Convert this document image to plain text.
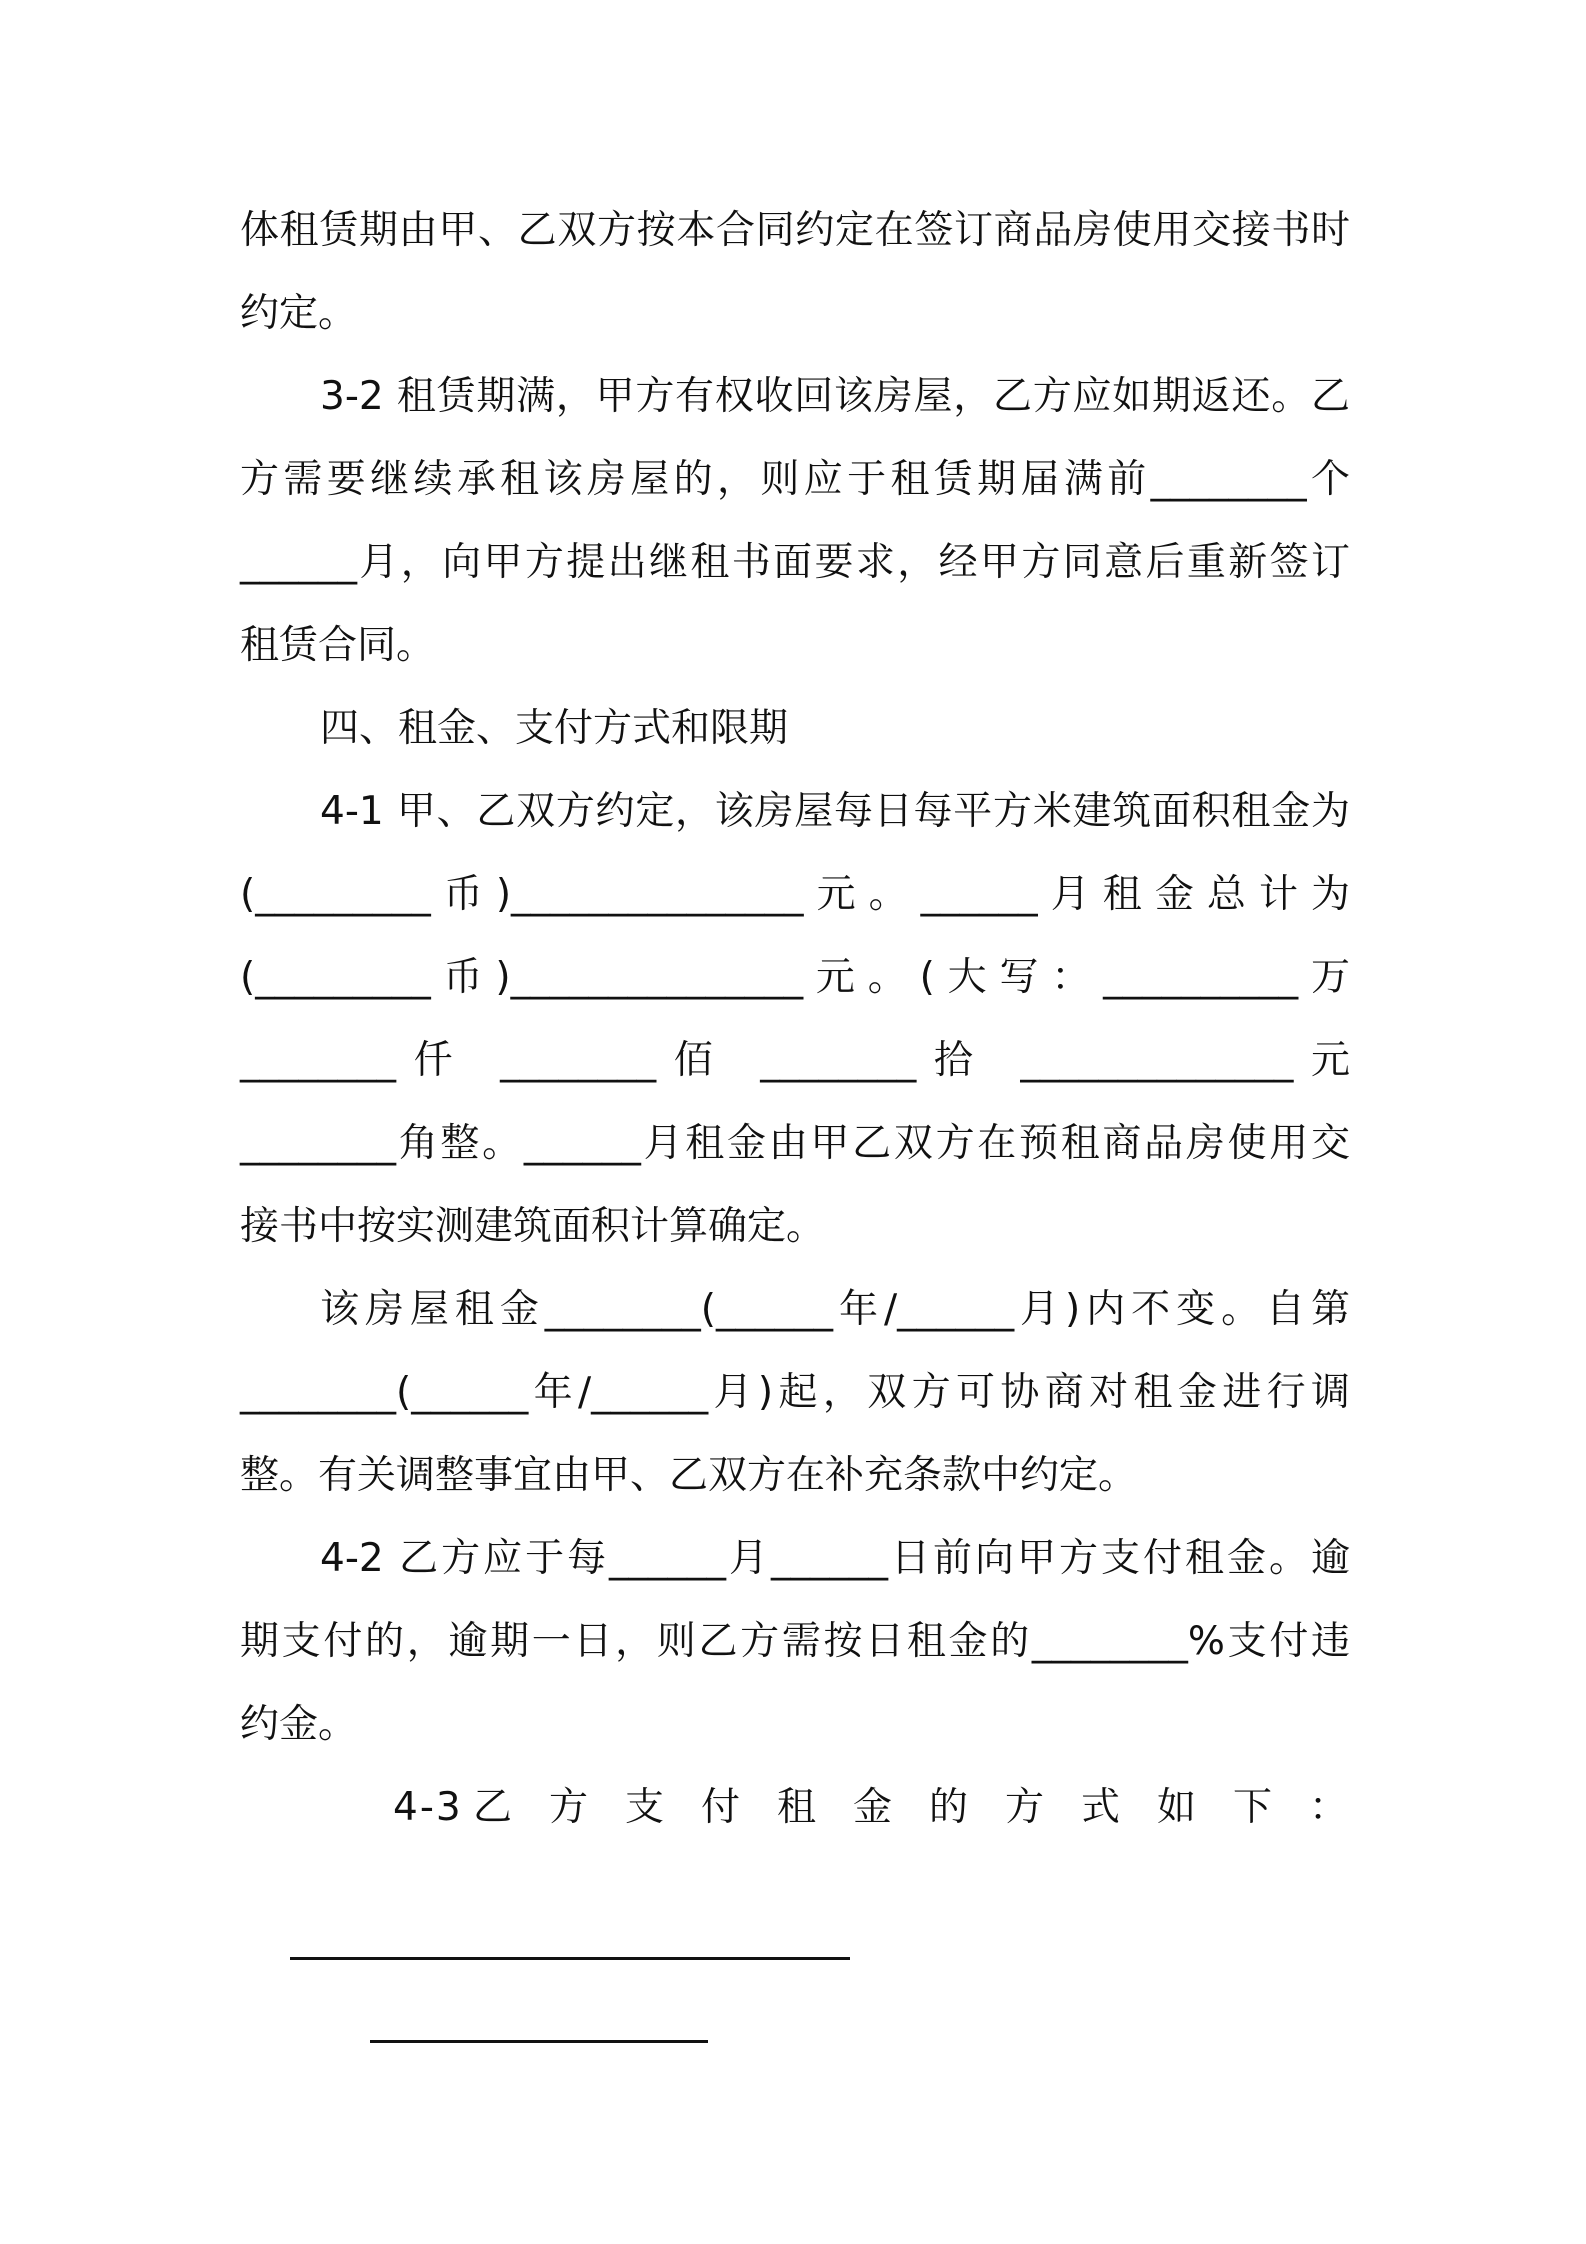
体租赁期由甲、乙双方按本合同约定在签订商品房使用交接书时
约定。
3-2 租赁期满，甲方有权收回该房屋，乙方应如期返还。乙
方需要继续承租该房屋的，则应于租赁期届满前________个
______月，向甲方提出继租书面要求，经甲方同意后重新签订
租赁合同。
四、租金、支付方式和限期
4-1 甲、乙双方约定，该房屋每日每平方米建筑面积租金为
(_________币)_______________元。______月租金总计为
(_________币)_______________元。(大写：__________万
________仟 ________佰 ________拾 ______________元
________角整。______月租金由甲乙双方在预租商品房使用交
接书中按实测建筑面积计算确定。
该房屋租金________(______年/______月)内不变。自第
________(______年/______月)起，双方可协商对租金进行调
整。有关调整事宜由甲、乙双方在补充条款中约定。
4-2 乙方应于每______月______日前向甲方支付租金。逾
期支付的，逾期一日，则乙方需按日租金的________%支付违
约金。
4-3乙 方 支 付 租 金 的 方 式 如 下 ：
